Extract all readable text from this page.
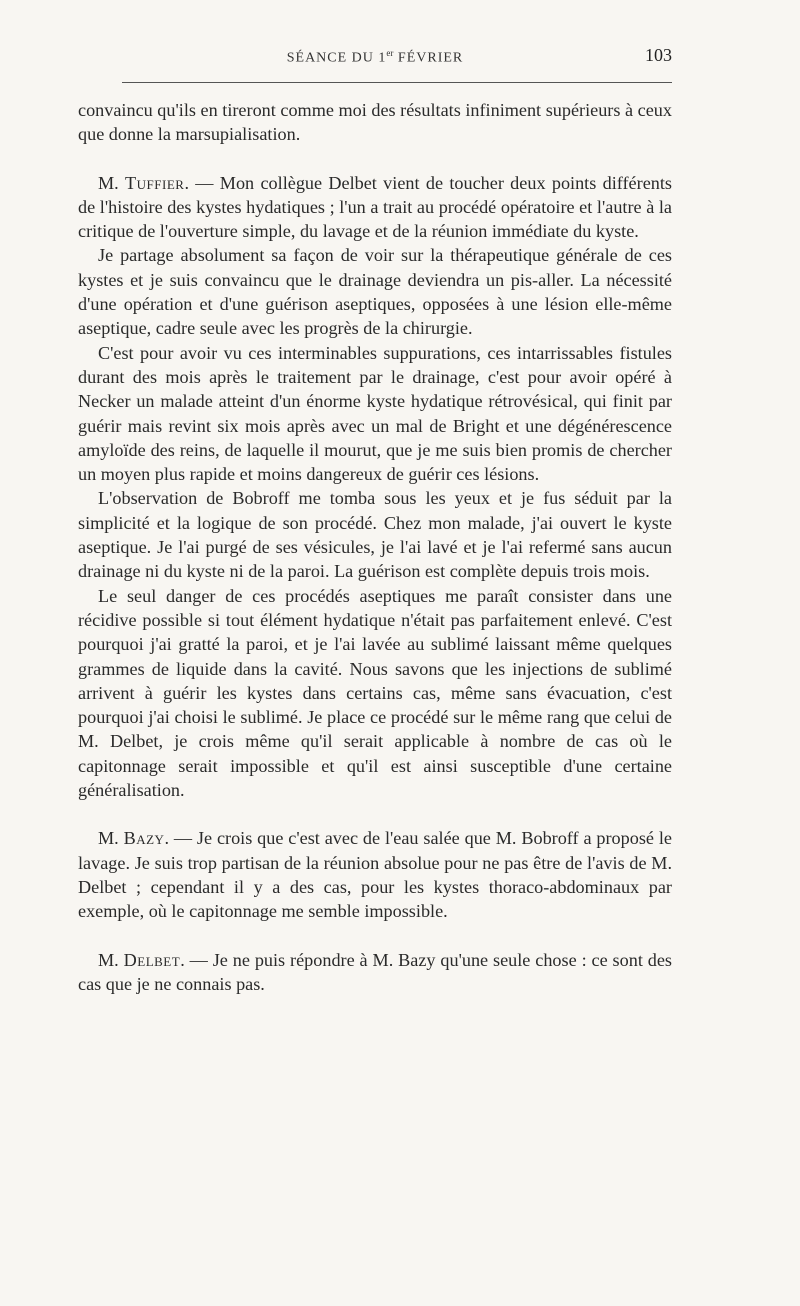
SÉANCE DU 1er FÉVRIER	103

convaincu qu'ils en tireront comme moi des résultats infiniment supérieurs à ceux que donne la marsupialisation.

M. Tuffier. — Mon collègue Delbet vient de toucher deux points différents de l'histoire des kystes hydatiques ; l'un a trait au procédé opératoire et l'autre à la critique de l'ouverture simple, du lavage et de la réunion immédiate du kyste.

Je partage absolument sa façon de voir sur la thérapeutique générale de ces kystes et je suis convaincu que le drainage deviendra un pis-aller. La nécessité d'une opération et d'une guérison aseptiques, opposées à une lésion elle-même aseptique, cadre seule avec les progrès de la chirurgie.

C'est pour avoir vu ces interminables suppurations, ces intarrissables fistules durant des mois après le traitement par le drainage, c'est pour avoir opéré à Necker un malade atteint d'un énorme kyste hydatique rétrovésical, qui finit par guérir mais revint six mois après avec un mal de Bright et une dégénérescence amyloïde des reins, de laquelle il mourut, que je me suis bien promis de chercher un moyen plus rapide et moins dangereux de guérir ces lésions.

L'observation de Bobroff me tomba sous les yeux et je fus séduit par la simplicité et la logique de son procédé. Chez mon malade, j'ai ouvert le kyste aseptique. Je l'ai purgé de ses vésicules, je l'ai lavé et je l'ai refermé sans aucun drainage ni du kyste ni de la paroi. La guérison est complète depuis trois mois.

Le seul danger de ces procédés aseptiques me paraît consister dans une récidive possible si tout élément hydatique n'était pas parfaitement enlevé. C'est pourquoi j'ai gratté la paroi, et je l'ai lavée au sublimé laissant même quelques grammes de liquide dans la cavité. Nous savons que les injections de sublimé arrivent à guérir les kystes dans certains cas, même sans évacuation, c'est pourquoi j'ai choisi le sublimé. Je place ce procédé sur le même rang que celui de M. Delbet, je crois même qu'il serait applicable à nombre de cas où le capitonnage serait impossible et qu'il est ainsi susceptible d'une certaine généralisation.

M. Bazy. — Je crois que c'est avec de l'eau salée que M. Bobroff a proposé le lavage. Je suis trop partisan de la réunion absolue pour ne pas être de l'avis de M. Delbet ; cependant il y a des cas, pour les kystes thoraco-abdominaux par exemple, où le capitonnage me semble impossible.

M. Delbet. — Je ne puis répondre à M. Bazy qu'une seule chose : ce sont des cas que je ne connais pas.
